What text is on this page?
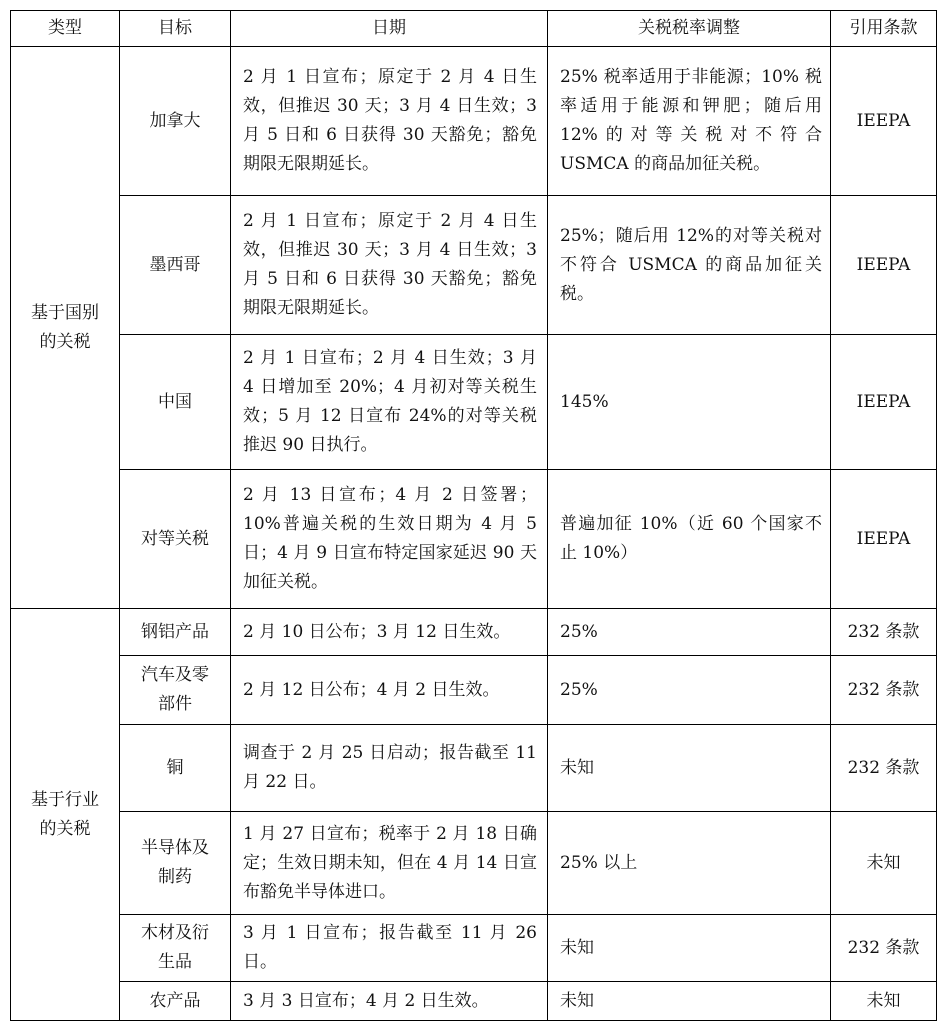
类型	目标	日期	关税税率调整	引用条款
基于国别的关税	加拿大	2 月 1 日宣布；原定于 2 月 4 日生效，但推迟 30 天；3 月 4 日生效；3 月 5 日和 6 日获得 30 天豁免；豁免期限无限期延长。	25% 税率适用于非能源；10% 税率适用于能源和钾肥；随后用 12%的对等关税对不符合 USMCA 的商品加征关税。	IEEPA
	墨西哥	2 月 1 日宣布；原定于 2 月 4 日生效，但推迟 30 天；3 月 4 日生效；3 月 5 日和 6 日获得 30 天豁免；豁免期限无限期延长。	25%；随后用 12%的对等关税对不符合 USMCA 的商品加征关税。	IEEPA
	中国	2 月 1 日宣布；2 月 4 日生效；3 月 4 日增加至 20%；4 月初对等关税生效；5 月 12 日宣布 24%的对等关税推迟 90 日执行。	145%	IEEPA
	对等关税	2 月 13 日宣布；4 月 2 日签署；10%普遍关税的生效日期为 4 月 5 日；4 月 9 日宣布特定国家延迟 90 天加征关税。	普遍加征 10%（近 60 个国家不止 10%）	IEEPA
基于行业的关税	钢铝产品	2 月 10 日公布；3 月 12 日生效。	25%	232 条款
	汽车及零部件	2 月 12 日公布；4 月 2 日生效。	25%	232 条款
	铜	调查于 2 月 25 日启动；报告截至 11 月 22 日。	未知	232 条款
	半导体及制药	1 月 27 日宣布；税率于 2 月 18 日确定；生效日期未知，但在 4 月 14 日宣布豁免半导体进口。	25% 以上	未知
	木材及衍生品	3 月 1 日宣布；报告截至 11 月 26 日。	未知	232 条款
	农产品	3 月 3 日宣布；4 月 2 日生效。	未知	未知
